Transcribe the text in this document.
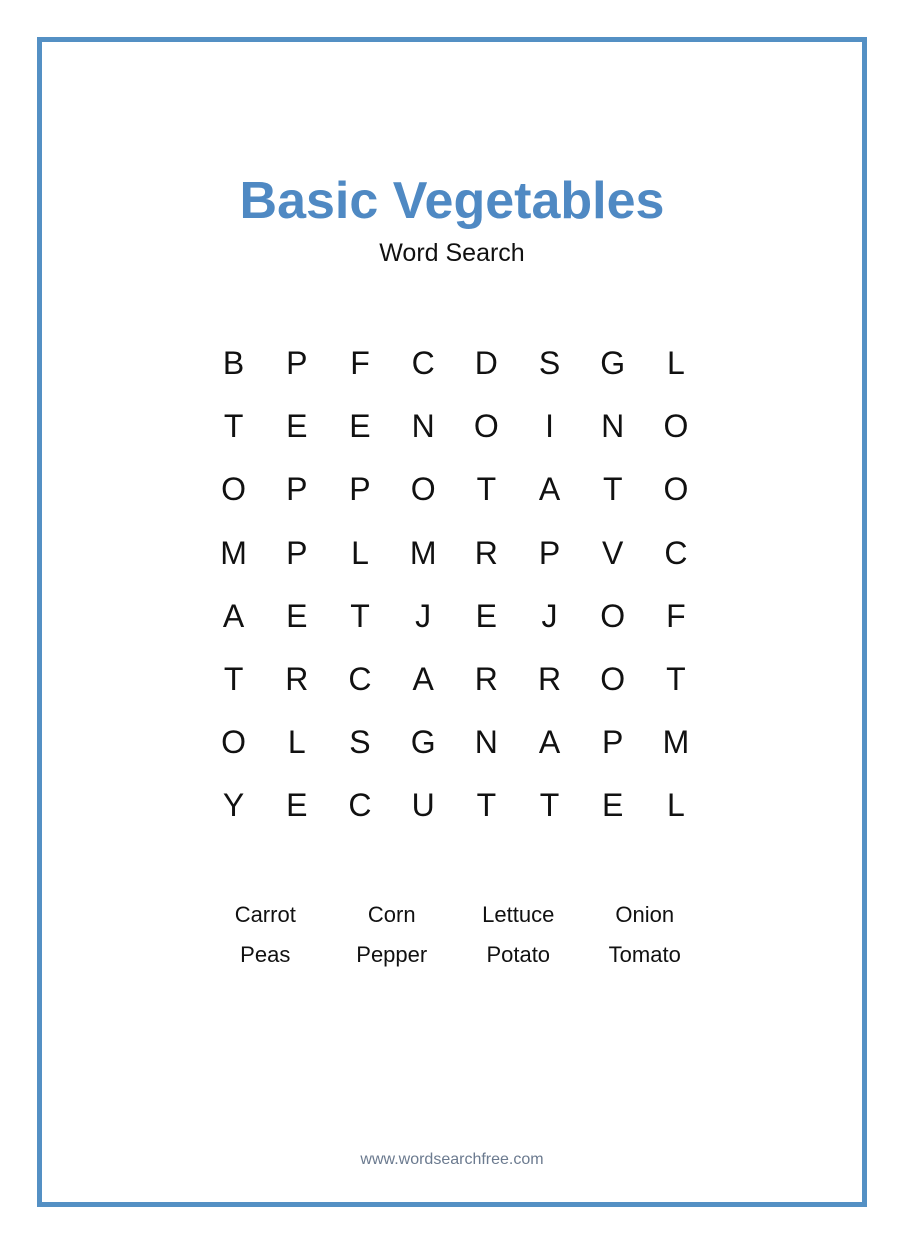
Basic Vegetables
Word Search
B	P	F	C	D	S	G	L
T	E	E	N	O	I	N	O
O	P	P	O	T	A	T	O
M	P	L	M	R	P	V	C
A	E	T	J	E	J	O	F
T	R	C	A	R	R	O	T
O	L	S	G	N	A	P	M
Y	E	C	U	T	T	E	L
Carrot	Corn	Lettuce	Onion
Peas	Pepper	Potato	Tomato
www.wordsearchfree.com
